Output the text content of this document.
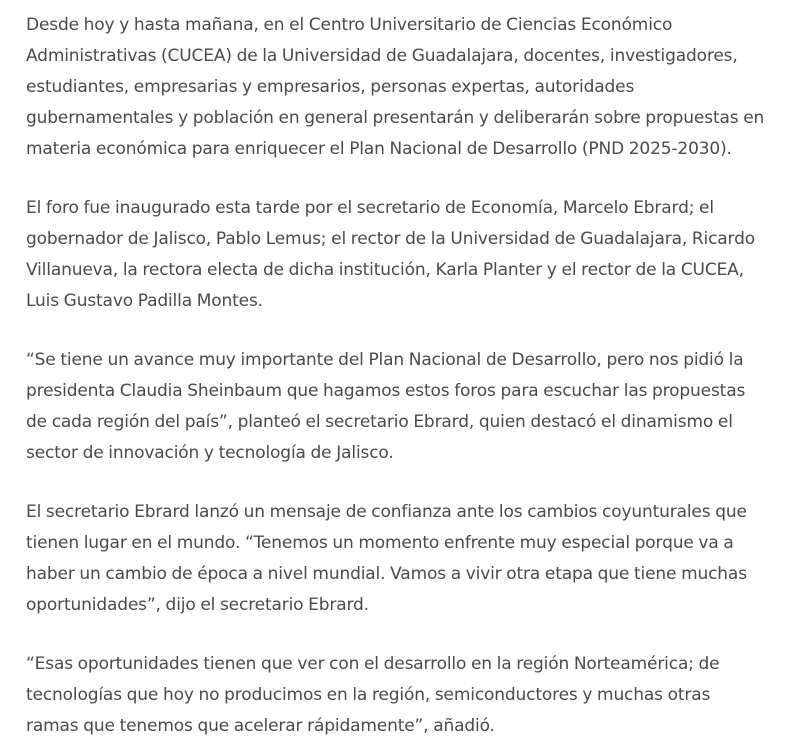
Desde hoy y hasta mañana, en el Centro Universitario de Ciencias Económico Administrativas (CUCEA) de la Universidad de Guadalajara, docentes, investigadores, estudiantes, empresarias y empresarios, personas expertas, autoridades gubernamentales y población en general presentarán y deliberarán sobre propuestas en materia económica para enriquecer el Plan Nacional de Desarrollo (PND 2025-2030).

El foro fue inaugurado esta tarde por el secretario de Economía, Marcelo Ebrard; el gobernador de Jalisco, Pablo Lemus; el rector de la Universidad de Guadalajara, Ricardo Villanueva, la rectora electa de dicha institución, Karla Planter y el rector de la CUCEA, Luis Gustavo Padilla Montes.

“Se tiene un avance muy importante del Plan Nacional de Desarrollo, pero nos pidió la presidenta Claudia Sheinbaum que hagamos estos foros para escuchar las propuestas de cada región del país”, planteó el secretario Ebrard, quien destacó el dinamismo el sector de innovación y tecnología de Jalisco.

El secretario Ebrard lanzó un mensaje de confianza ante los cambios coyunturales que tienen lugar en el mundo. “Tenemos un momento enfrente muy especial porque va a haber un cambio de época a nivel mundial. Vamos a vivir otra etapa que tiene muchas oportunidades”, dijo el secretario Ebrard.

“Esas oportunidades tienen que ver con el desarrollo en la región Norteamérica; de tecnologías que hoy no producimos en la región, semiconductores y muchas otras ramas que tenemos que acelerar rápidamente”, añadió.
